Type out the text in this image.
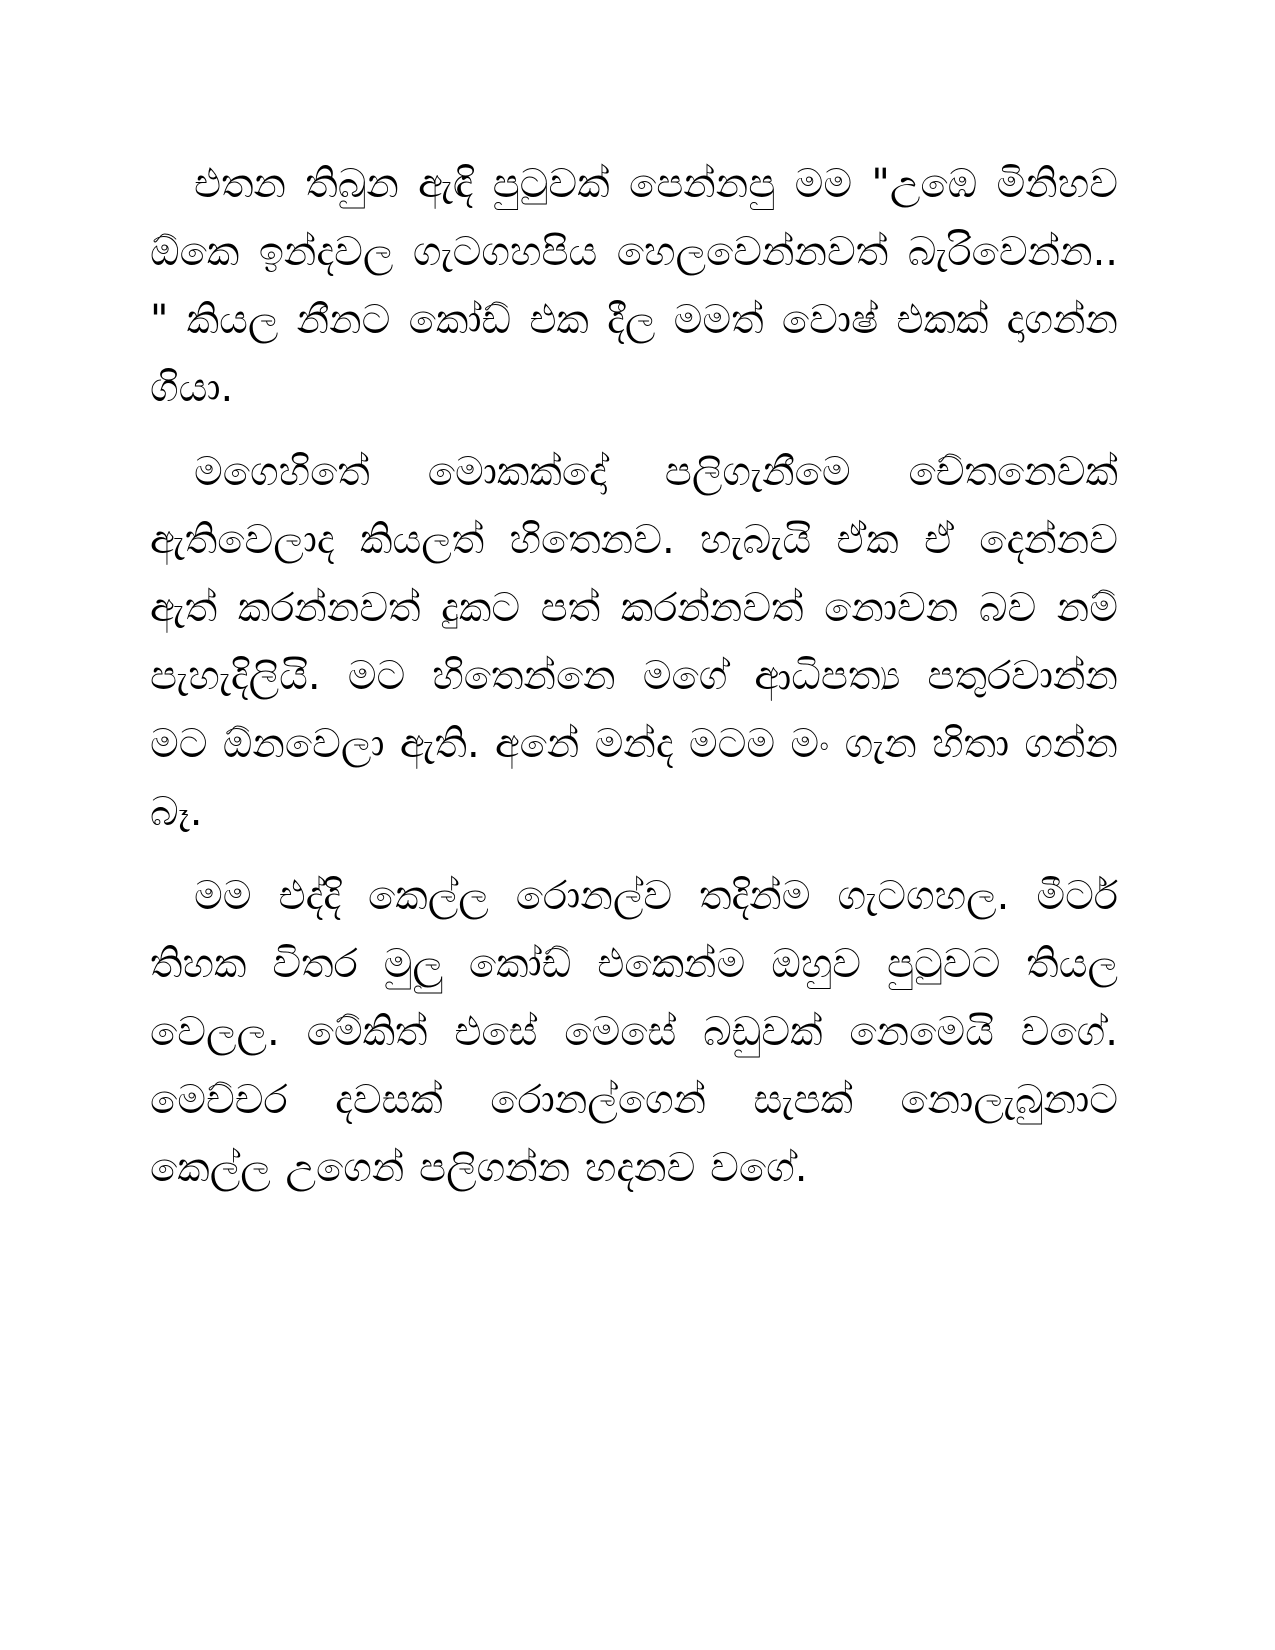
එතන තිබුන ඇඳි පුටුවක් පෙන්නපු මම "උඹෙ මිනිහව ඕකෙ ඉන්දවල ගැටගහපිය හෙලවෙන්නවත් බැරිවෙන්න.. " කියල නීනට කෝඩ් එක දීල මමත් වොෂ් එකක් දාගන්න ගියා.

මගෙහිතේ මොකක්දෝ පලිගැනීමෙ චේතනෙවක් ඇතිවෙලාද කියලත් හිතෙනව. හැබැයි ඒක ඒ දෙන්නව ඇත් කරන්නවත් දුකට පත් කරන්නවත් නොවන බව නම් පැහැදිලියි. මට හිතෙන්නෙ මගේ ආධිපත්‍ය පතුරවාන්න මට ඕනවෙලා ඇති. අනේ මන්ද මටම මං ගැන හිතා ගන්න බෑ.

මම එද්දි කෙල්ල රොනල්ව තදින්ම ගැටගහල. මීටර් තිහක විතර මුලු කෝඩ් එකෙන්ම ඔහුව පුටුවට තියල වෙලල. මේකිත් එසේ මෙසේ බඩුවක් නෙමෙයි වගේ. මෙච්චර දවසක් රොනල්ගෙන් සැපක් නොලැබුනාට කෙල්ල උගෙන් පලිගන්න හදනව වගේ.
